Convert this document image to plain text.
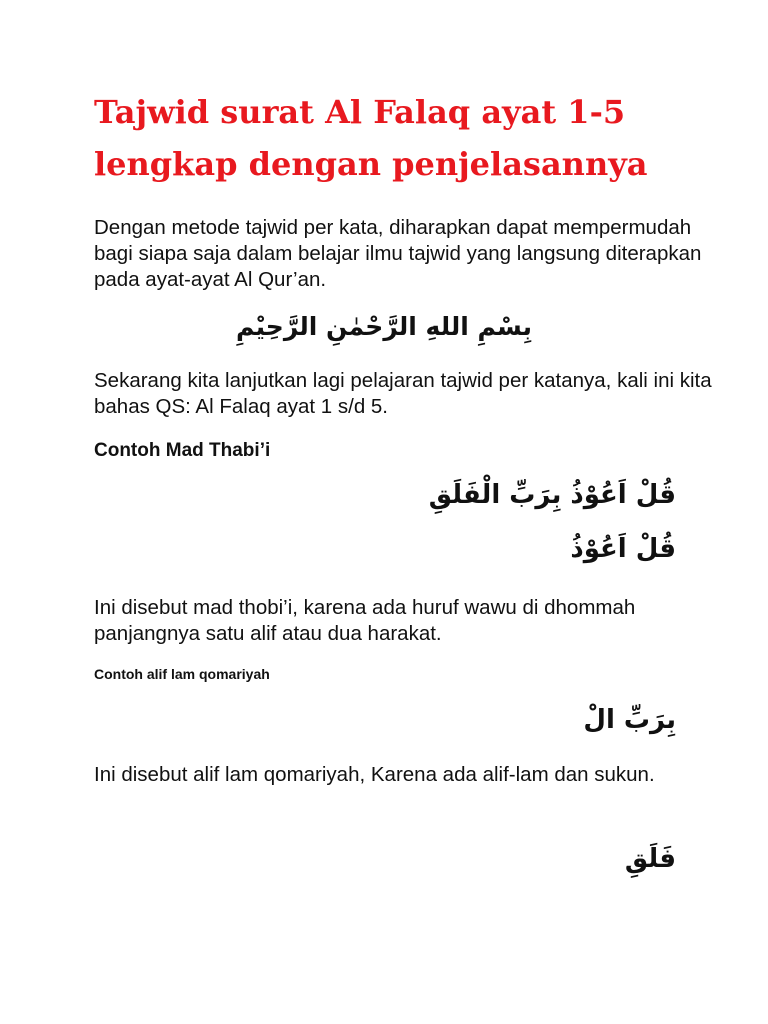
Tajwid surat Al Falaq ayat 1-5 lengkap dengan penjelasannya

Dengan metode tajwid per kata, diharapkan dapat mempermudah bagi siapa saja dalam belajar ilmu tajwid yang langsung diterapkan pada ayat-ayat Al Qur’an.

بِسْمِ اللهِ الرَّحْمٰنِ الرَّحِيْمِ

Sekarang kita lanjutkan lagi pelajaran tajwid per katanya, kali ini kita bahas QS: Al Falaq ayat 1 s/d 5.

Contoh Mad Thabi’i

قُلْ اَعُوْذُ بِرَبِّ الْفَلَقِ

قُلْ اَعُوْذُ

Ini disebut mad thobi’i, karena ada huruf wawu di dhommah panjangnya satu alif atau dua harakat.

Contoh alif lam qomariyah

بِرَبِّ الْ

Ini disebut alif lam qomariyah, Karena ada alif-lam dan sukun.

فَلَقِ
